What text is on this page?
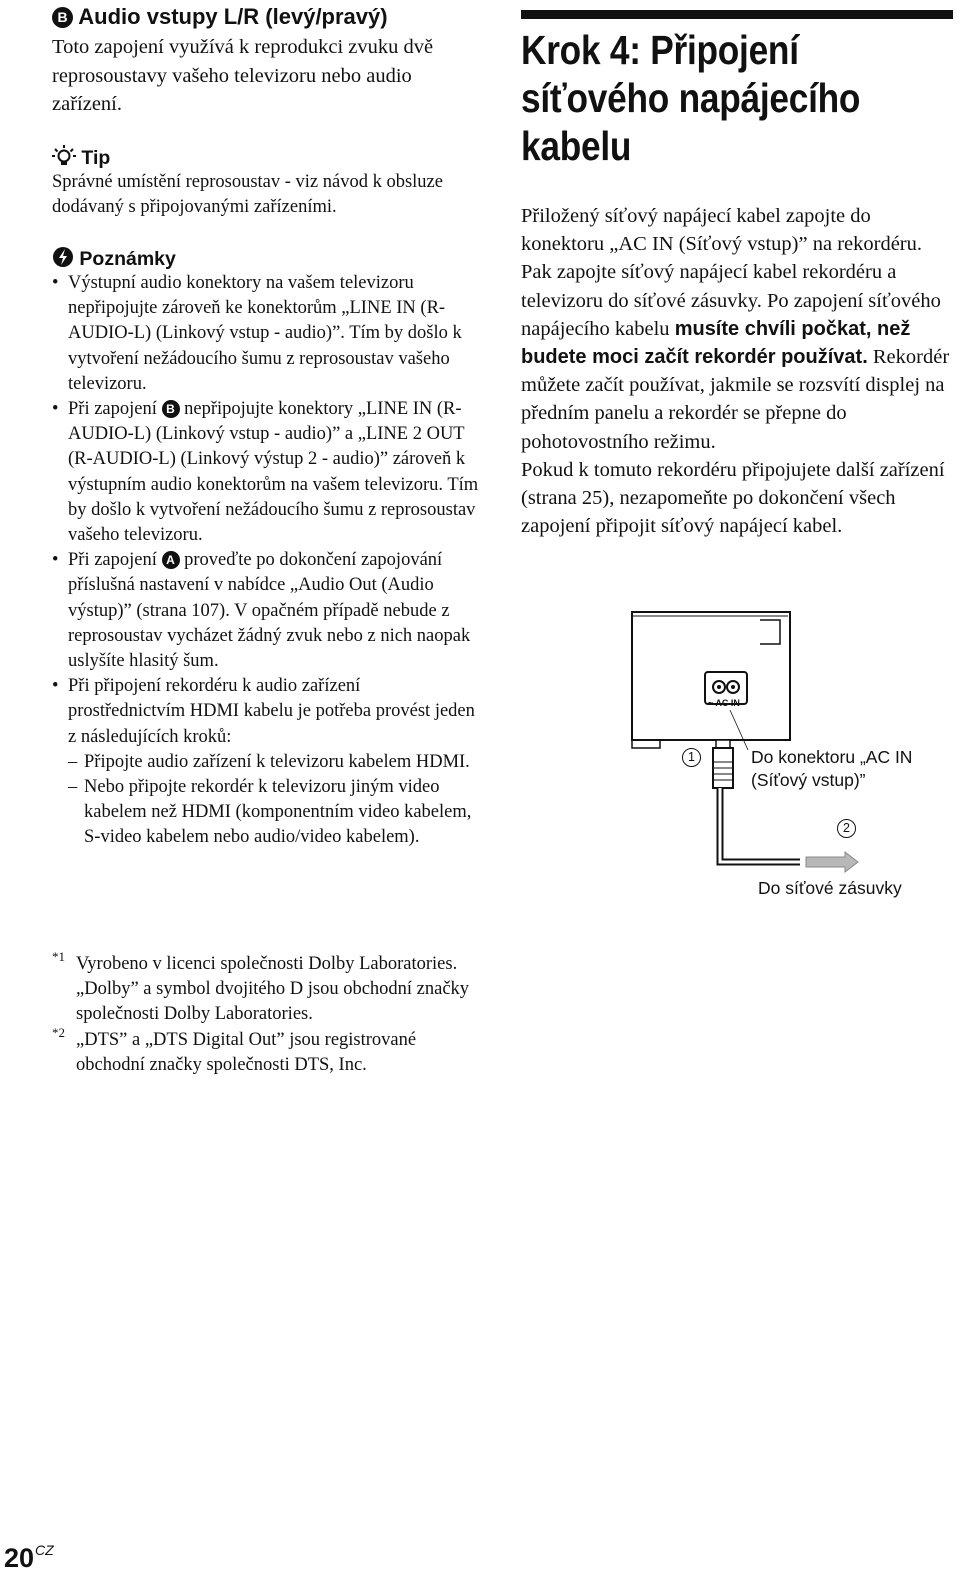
B Audio vstupy L/R (levý/pravý)
Toto zapojení využívá k reprodukci zvuku dvě reprosoustavy vašeho televizoru nebo audio zařízení.
Tip
Správné umístění reprosoustav - viz návod k obsluze dodávaný s připojovanými zařízeními.
Poznámky
• Výstupní audio konektory na vašem televizoru nepřipojujte zároveň ke konektorům „LINE IN (R-AUDIO-L) (Linkový vstup - audio)”. Tím by došlo k vytvoření nežádoucího šumu z reprosoustav vašeho televizoru.
• Při zapojení B nepřipojujte konektory „LINE IN (R-AUDIO-L) (Linkový vstup - audio)” a „LINE 2 OUT (R-AUDIO-L) (Linkový výstup 2 - audio)” zároveň k výstupním audio konektorům na vašem televizoru. Tím by došlo k vytvoření nežádoucího šumu z reprosoustav vašeho televizoru.
• Při zapojení A proveďte po dokončení zapojování příslušná nastavení v nabídce „Audio Out (Audio výstup)” (strana 107). V opačném případě nebude z reprosoustav vycházet žádný zvuk nebo z nich naopak uslyšíte hlasitý šum.
• Při připojení rekordéru k audio zařízení prostřednictvím HDMI kabelu je potřeba provést jeden z následujících kroků:
– Připojte audio zařízení k televizoru kabelem HDMI.
– Nebo připojte rekordér k televizoru jiným video kabelem než HDMI (komponentním video kabelem, S-video kabelem nebo audio/video kabelem).
*1 Vyrobeno v licenci společnosti Dolby Laboratories.
„Dolby” a symbol dvojitého D jsou obchodní značky společnosti Dolby Laboratories.
*2 „DTS” a „DTS Digital Out” jsou registrované obchodní značky společnosti DTS, Inc.
Krok 4: Připojení síťového napájecího kabelu
Přiložený síťový napájecí kabel zapojte do konektoru „AC IN (Síťový vstup)” na rekordéru. Pak zapojte síťový napájecí kabel rekordéru a televizoru do síťové zásuvky. Po zapojení síťového napájecího kabelu musíte chvíli počkat, než budete moci začít rekordér používat. Rekordér můžete začít používat, jakmile se rozsvítí displej na předním panelu a rekordér se přepne do pohotovostního režimu.
Pokud k tomuto rekordéru připojujete další zařízení (strana 25), nezapomeňte po dokončení všech zapojení připojit síťový napájecí kabel.
~ AC IN
1
2
Do konektoru „AC IN (Síťový vstup)”
Do síťové zásuvky
$20^{CZ}$
